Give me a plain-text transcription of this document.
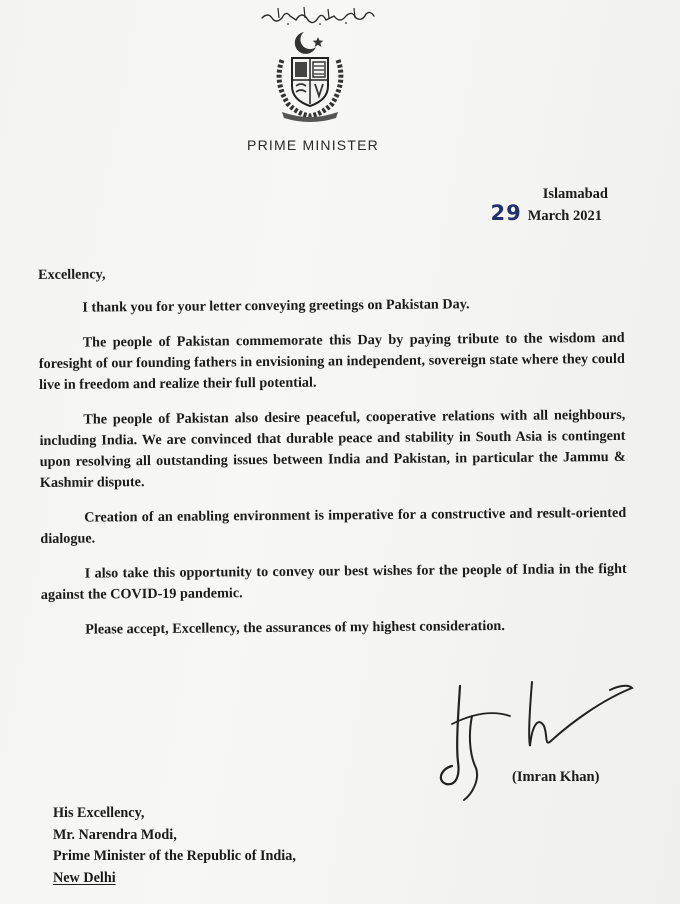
PRIME MINISTER
Islamabad
29 March 2021
Excellency,

I thank you for your letter conveying greetings on Pakistan Day.

The people of Pakistan commemorate this Day by paying tribute to the wisdom and foresight of our founding fathers in envisioning an independent, sovereign state where they could live in freedom and realize their full potential.

The people of Pakistan also desire peaceful, cooperative relations with all neighbours, including India. We are convinced that durable peace and stability in South Asia is contingent upon resolving all outstanding issues between India and Pakistan, in particular the Jammu & Kashmir dispute.

Creation of an enabling environment is imperative for a constructive and result-oriented dialogue.

I also take this opportunity to convey our best wishes for the people of India in the fight against the COVID-19 pandemic.

Please accept, Excellency, the assurances of my highest consideration.

(Imran Khan)
His Excellency,
Mr. Narendra Modi,
Prime Minister of the Republic of India,
New Delhi
